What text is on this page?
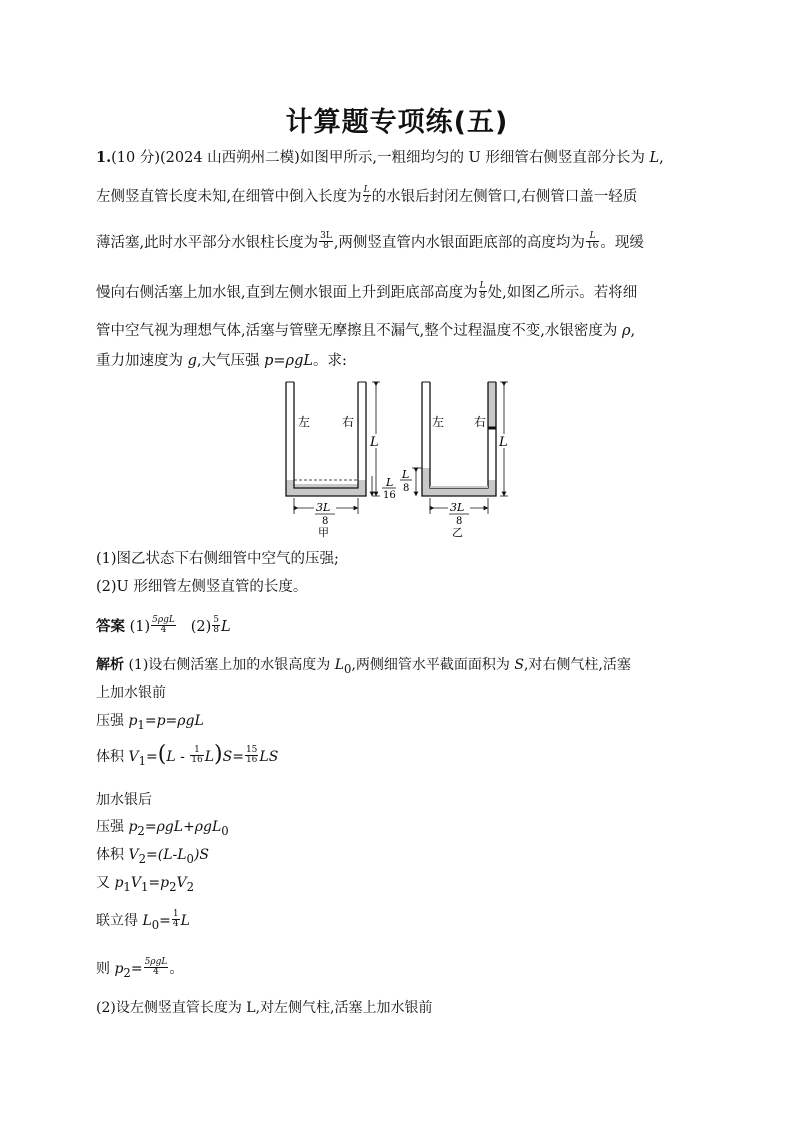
计算题专项练(五)
1.(10 分)(2024 山西朔州二模)如图甲所示,一粗细均匀的 U 形细管右侧竖直部分长为 L,
左侧竖直管长度未知,在细管中倒入长度为 $\frac{L}{2}$ 的水银后封闭左侧管口,右侧管口盖一轻质
薄活塞,此时水平部分水银柱长度为 $\frac{3L}{8}$ ,两侧竖直管内水银面距底部的高度均为 $\frac{L}{16}$ 。现缓
慢向右侧活塞上加水银,直到左侧水银面上升到距底部高度为 $\frac{L}{8}$ 处,如图乙所示。若将细
管中空气视为理想气体,活塞与管壁无摩擦且不漏气,整个过程温度不变,水银密度为 ρ,
重力加速度为 g,大气压强 p=ρgL。求:
左	右
L
L
16
3L
8
甲
左 右
L
L
8
3L
8
乙
(1)图乙状态下右侧细管中空气的压强;
(2)U 形细管左侧竖直管的长度。
答案 $(1) \frac{\text{5ρgL}}{4} (2) \frac{5}{8}$ L
解析 (1)设右侧活塞上加的水银高度为 $L_0$,两侧细管水平截面面积为 S,对右侧气柱,活塞
上加水银前
压强 $p_1=p=\rho gL$
体积 $V_1=(L - \frac{1}{16} L)S= \frac{15}{16}$ LS
加水银后
压强 $p_2=\rho gL+\rho gL_0$
体积 $V_2=(L-L_0)S$
又 $p_1V_1=p_2V_2$
联立得 $L_0= \frac{1}{4}$ L
则 $p_2= \frac{\text{5ρgL}}{4}$ 。
(2)设左侧竖直管长度为 L,对左侧气柱,活塞上加水银前
